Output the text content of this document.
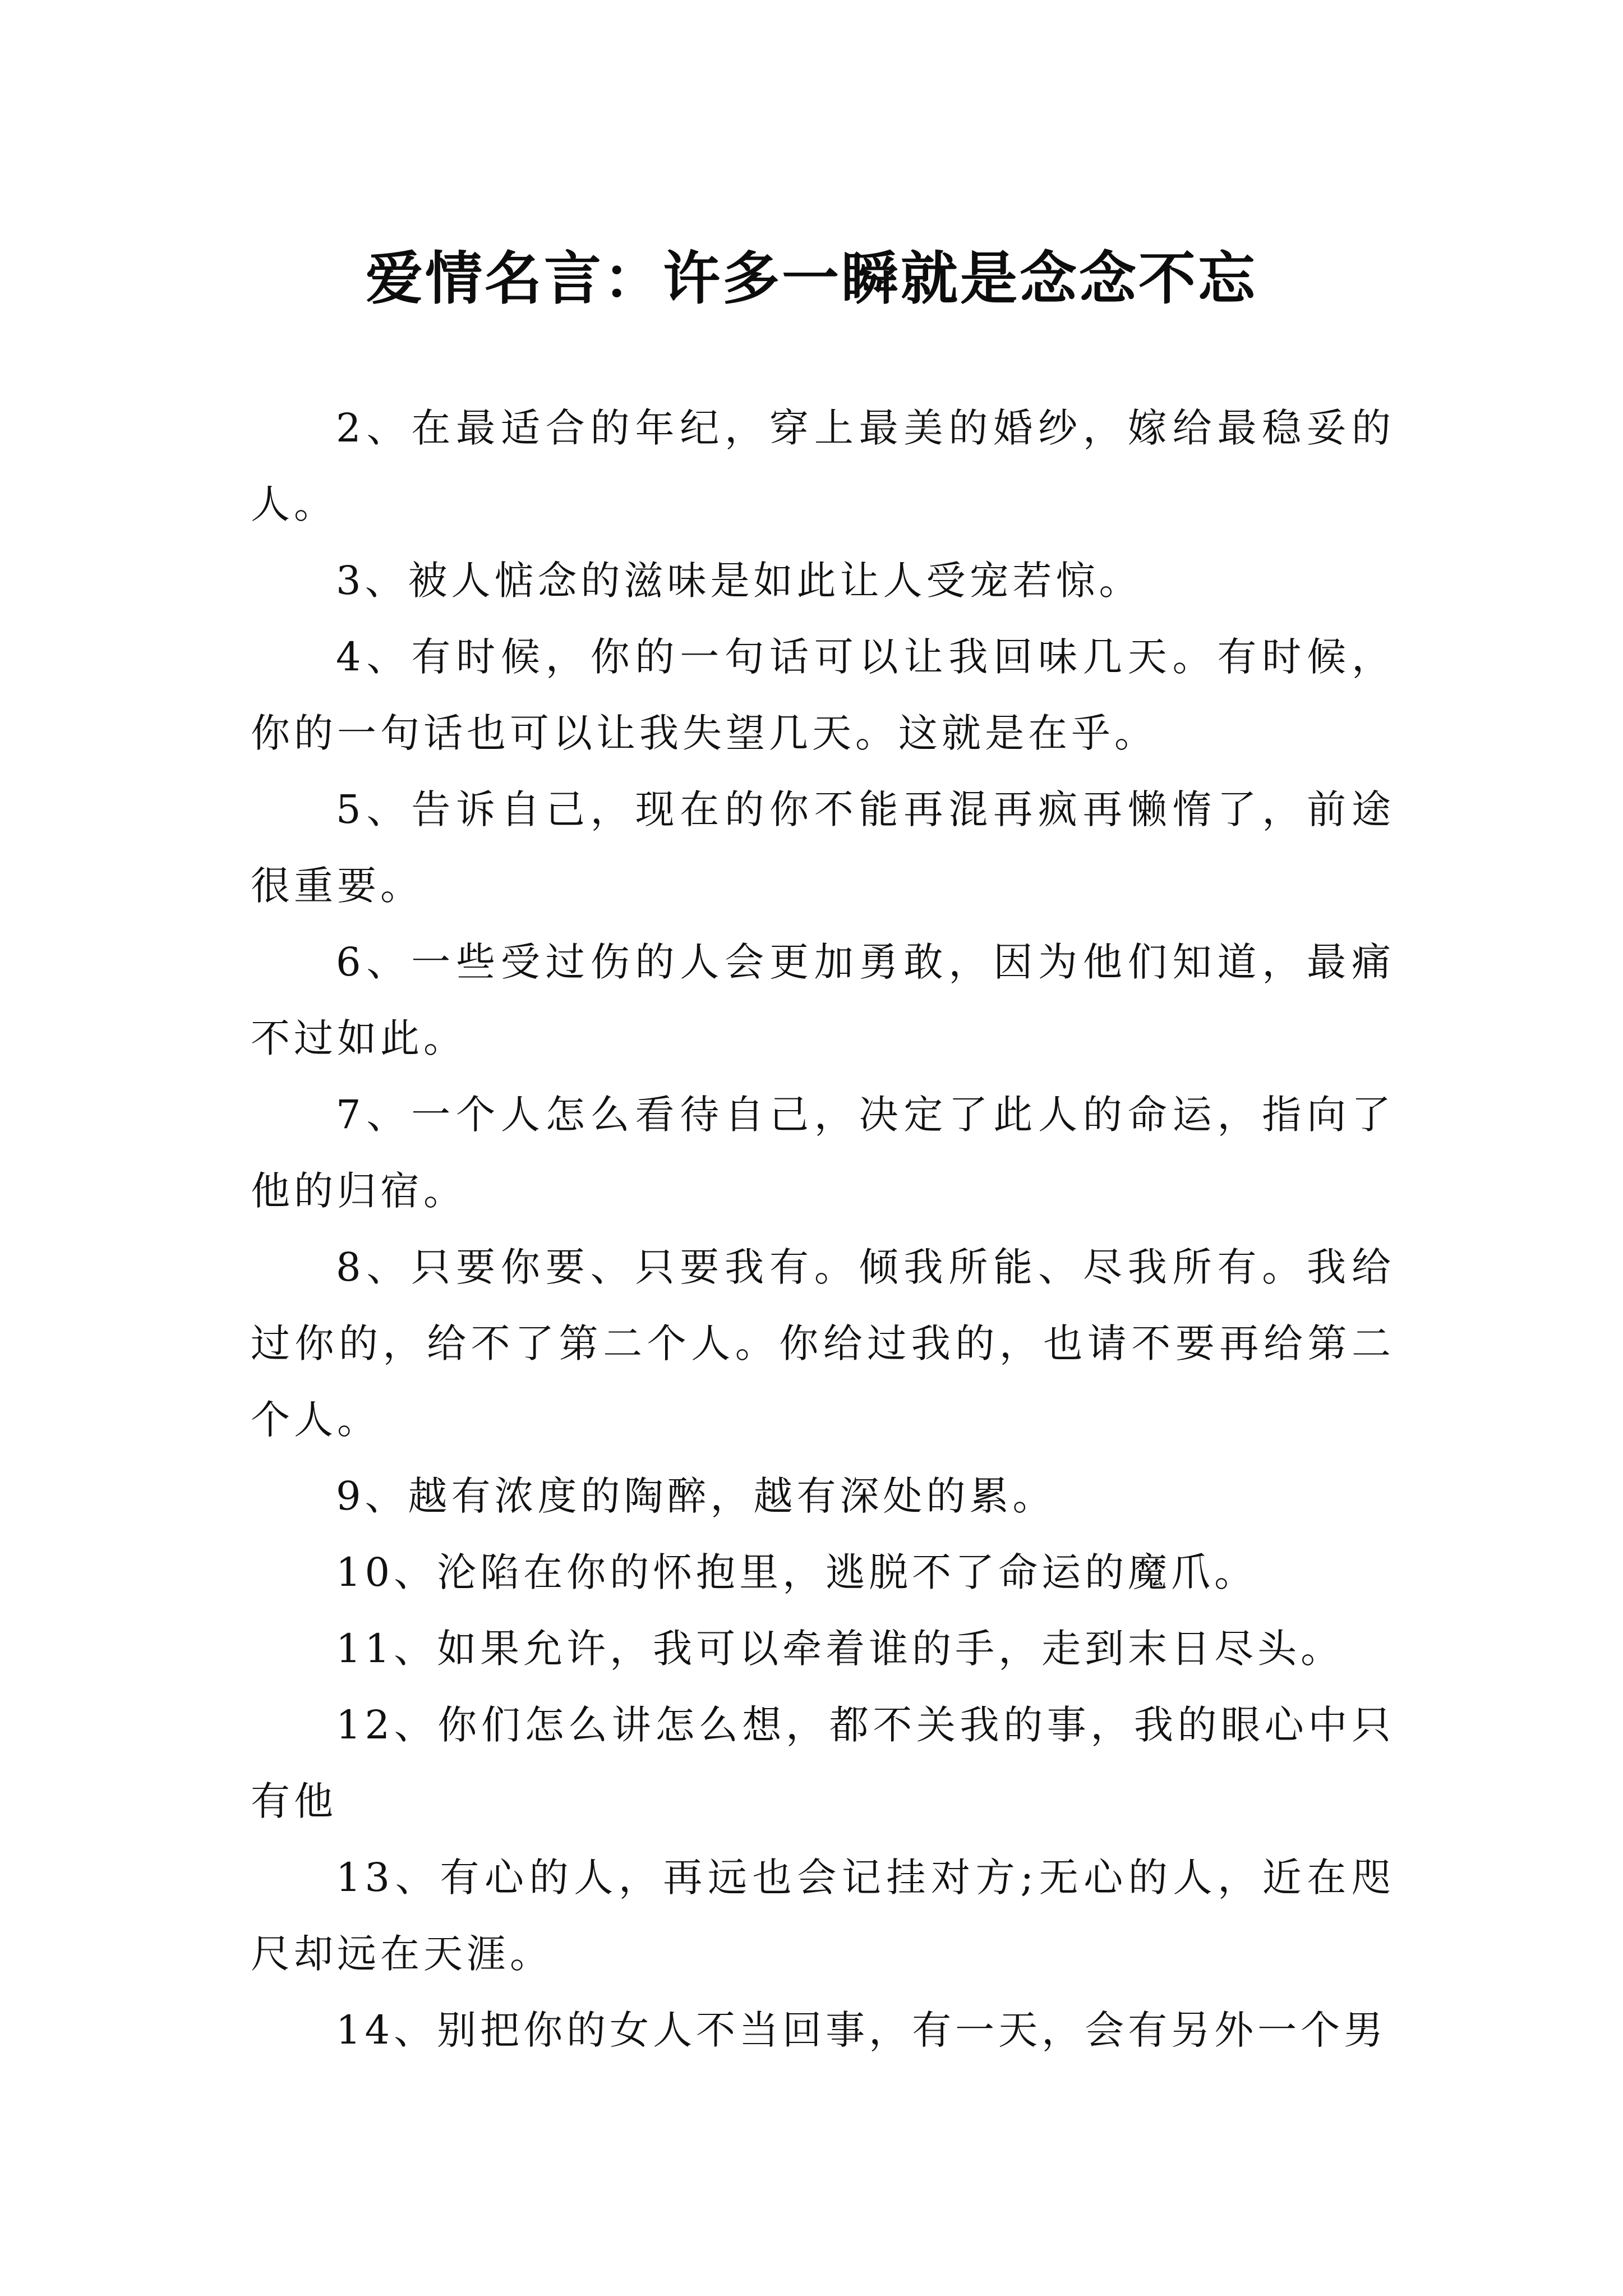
爱情名言：许多一瞬就是念念不忘

2、在最适合的年纪，穿上最美的婚纱，嫁给最稳妥的人。

3、被人惦念的滋味是如此让人受宠若惊。

4、有时候，你的一句话可以让我回味几天。有时候，你的一句话也可以让我失望几天。这就是在乎。

5、告诉自己，现在的你不能再混再疯再懒惰了，前途很重要。

6、一些受过伤的人会更加勇敢，因为他们知道，最痛不过如此。

7、一个人怎么看待自己，决定了此人的命运，指向了他的归宿。

8、只要你要、只要我有。倾我所能、尽我所有。我给过你的，给不了第二个人。你给过我的，也请不要再给第二个人。

9、越有浓度的陶醉，越有深处的累。

10、沦陷在你的怀抱里，逃脱不了命运的魔爪。

11、如果允许，我可以牵着谁的手，走到末日尽头。

12、你们怎么讲怎么想，都不关我的事，我的眼心中只有他

13、有心的人，再远也会记挂对方;无心的人，近在咫尺却远在天涯。

14、别把你的女人不当回事，有一天，会有另外一个男
